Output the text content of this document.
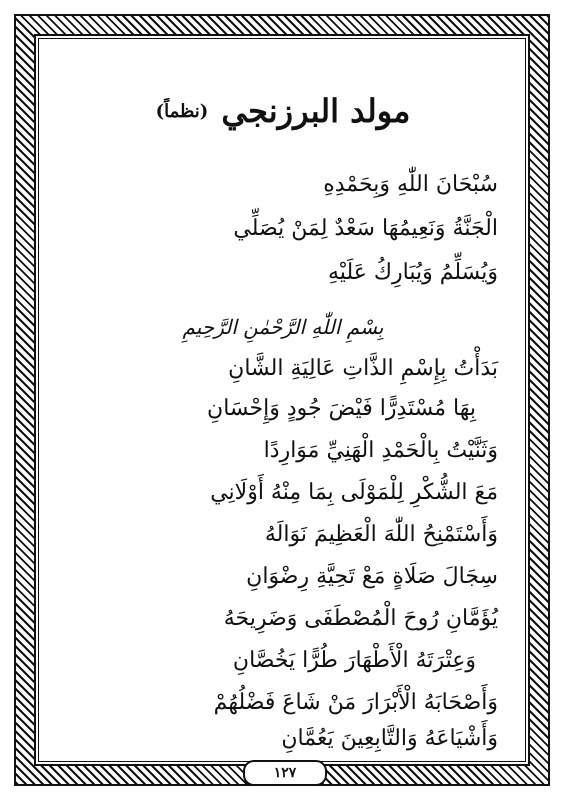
مولد البرزنجي (نظماً)
سُبْحَانَ اللّٰهِ وَبِحَمْدِهِ
الْجَنَّةُ وَنَعِيمُهَا سَعْدٌ لِمَنْ يُصَلِّي
وَيُسَلِّمُ وَيُبَارِكُ عَلَيْهِ
بِسْمِ اللّٰهِ الرَّحْمٰنِ الرَّحِيمِ
بَدَأْتُ بِإِسْمِ الذَّاتِ عَالِيَةِ الشَّانِ
بِهَا مُسْتَدِرًّا فَيْضَ جُودٍ وَإِحْسَانِ
وَثَنَّيْتُ بِالْحَمْدِ الْهَنِيِّ مَوَارِدًا
مَعَ الشُّكْرِ لِلْمَوْلَى بِمَا مِنْهُ أَوْلَانِي
وَأَسْتَمْنِحُ اللّٰهَ الْعَظِيمَ نَوَالَهُ
سِجَالَ صَلَاةٍ مَعْ تَحِيَّةِ رِضْوَانِ
يُؤَمَّانِ رُوحَ الْمُصْطَفَى وَضَرِيحَهُ
وَعِتْرَتَهُ الْأَطْهَارَ طُرًّا يَخُصَّانِ
وَأَصْحَابَهُ الْأَبْرَارَ مَنْ شَاعَ فَضْلُهُمْ
وَأَشْيَاعَهُ وَالتَّابِعِينَ يَعُمَّانِ
١٢٧
